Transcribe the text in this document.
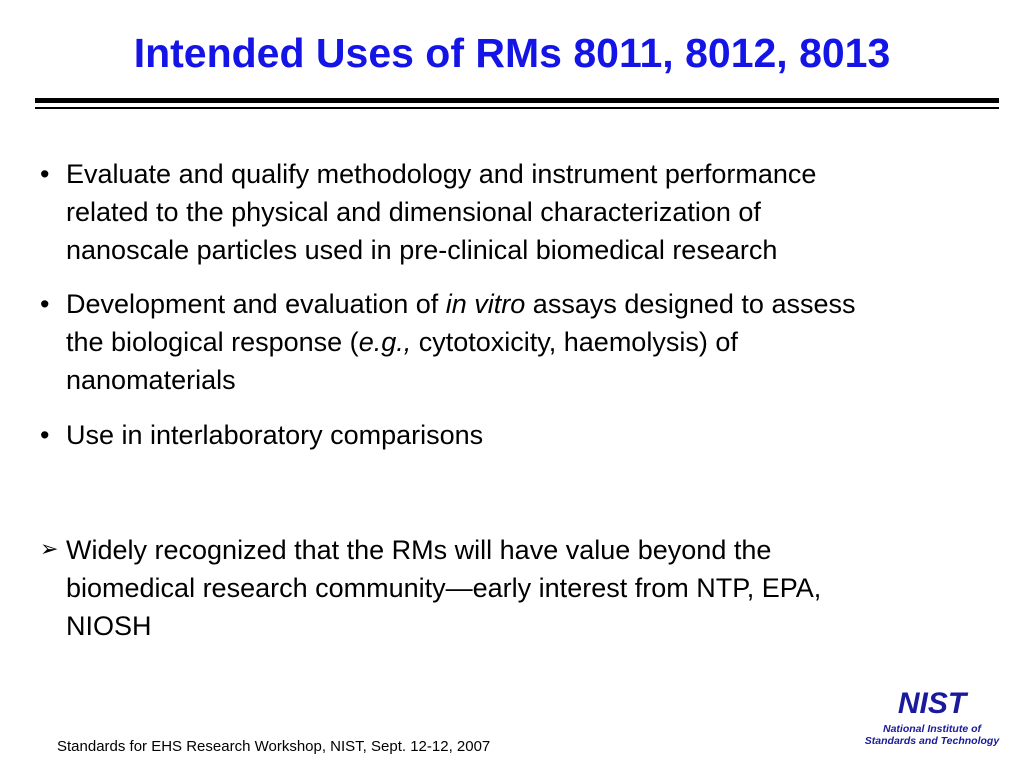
Intended Uses of RMs 8011, 8012, 8013
• Evaluate and qualify methodology and instrument performance
related to the physical and dimensional characterization of
nanoscale particles used in pre-clinical biomedical research
• Development and evaluation of in vitro assays designed to assess
the biological response (e.g., cytotoxicity, haemolysis) of
nanomaterials
• Use in interlaboratory comparisons
➢ Widely recognized that the RMs will have value beyond the
biomedical research community—early interest from NTP, EPA,
NIOSH
Standards for EHS Research Workshop, NIST, Sept. 12-12, 2007
NIST
National Institute of
Standards and Technology
